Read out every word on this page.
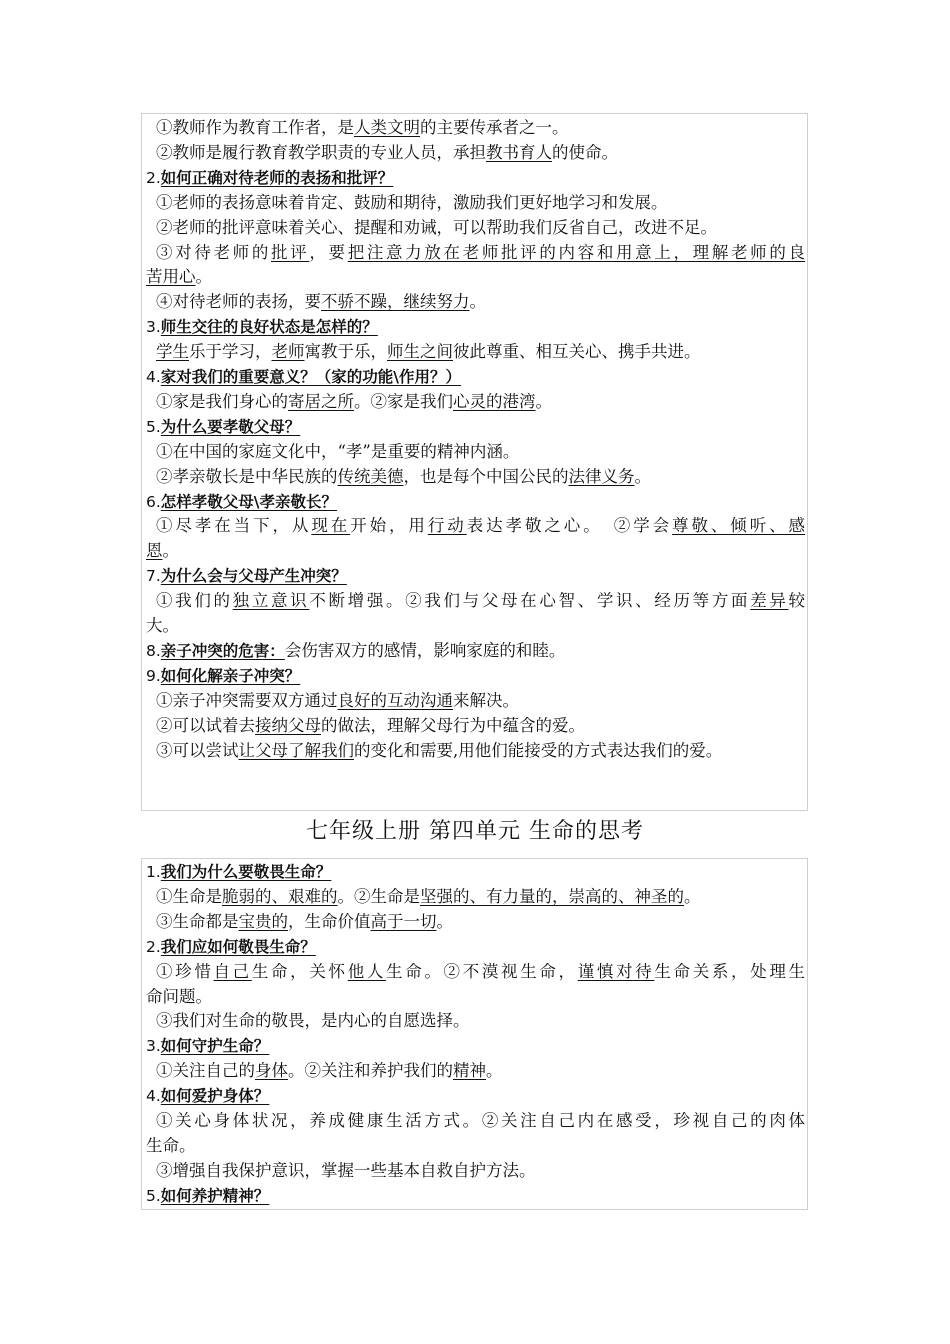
①教师作为教育工作者，是人类文明的主要传承者之一。
②教师是履行教育教学职责的专业人员，承担教书育人的使命。
2.如何正确对待老师的表扬和批评？
①老师的表扬意味着肯定、鼓励和期待，激励我们更好地学习和发展。
②老师的批评意味着关心、提醒和劝诫，可以帮助我们反省自己，改进不足。
③对待老师的批评，要把注意力放在老师批评的内容和用意上，理解老师的良
苦用心。
④对待老师的表扬，要不骄不躁，继续努力。
3.师生交往的良好状态是怎样的？
学生乐于学习，老师寓教于乐，师生之间彼此尊重、相互关心、携手共进。
4.家对我们的重要意义？（家的功能\作用？）
①家是我们身心的寄居之所。②家是我们心灵的港湾。
5.为什么要孝敬父母？
①在中国的家庭文化中，“孝”是重要的精神内涵。
②孝亲敬长是中华民族的传统美德，也是每个中国公民的法律义务。
6.怎样孝敬父母\孝亲敬长？
①尽孝在当下，从现在开始，用行动表达孝敬之心。　②学会尊敬、倾听、感
恩。
7.为什么会与父母产生冲突？
①我们的独立意识不断增强。②我们与父母在心智、学识、经历等方面差异较
大。
8.亲子冲突的危害：会伤害双方的感情，影响家庭的和睦。
9.如何化解亲子冲突？
①亲子冲突需要双方通过良好的互动沟通来解决。
②可以试着去接纳父母的做法，理解父母行为中蕴含的爱。
③可以尝试让父母了解我们的变化和需要,用他们能接受的方式表达我们的爱。
七年级上册 第四单元 生命的思考
1.我们为什么要敬畏生命？
①生命是脆弱的、艰难的。②生命是坚强的、有力量的，崇高的、神圣的。
③生命都是宝贵的，生命价值高于一切。
2.我们应如何敬畏生命？
①珍惜自己生命，关怀他人生命。②不漠视生命，谨慎对待生命关系，处理生
命问题。
③我们对生命的敬畏，是内心的自愿选择。
3.如何守护生命？
①关注自己的身体。②关注和养护我们的精神。
4.如何爱护身体？
①关心身体状况，养成健康生活方式。②关注自己内在感受，珍视自己的肉体
生命。
③增强自我保护意识，掌握一些基本自救自护方法。
5.如何养护精神？
